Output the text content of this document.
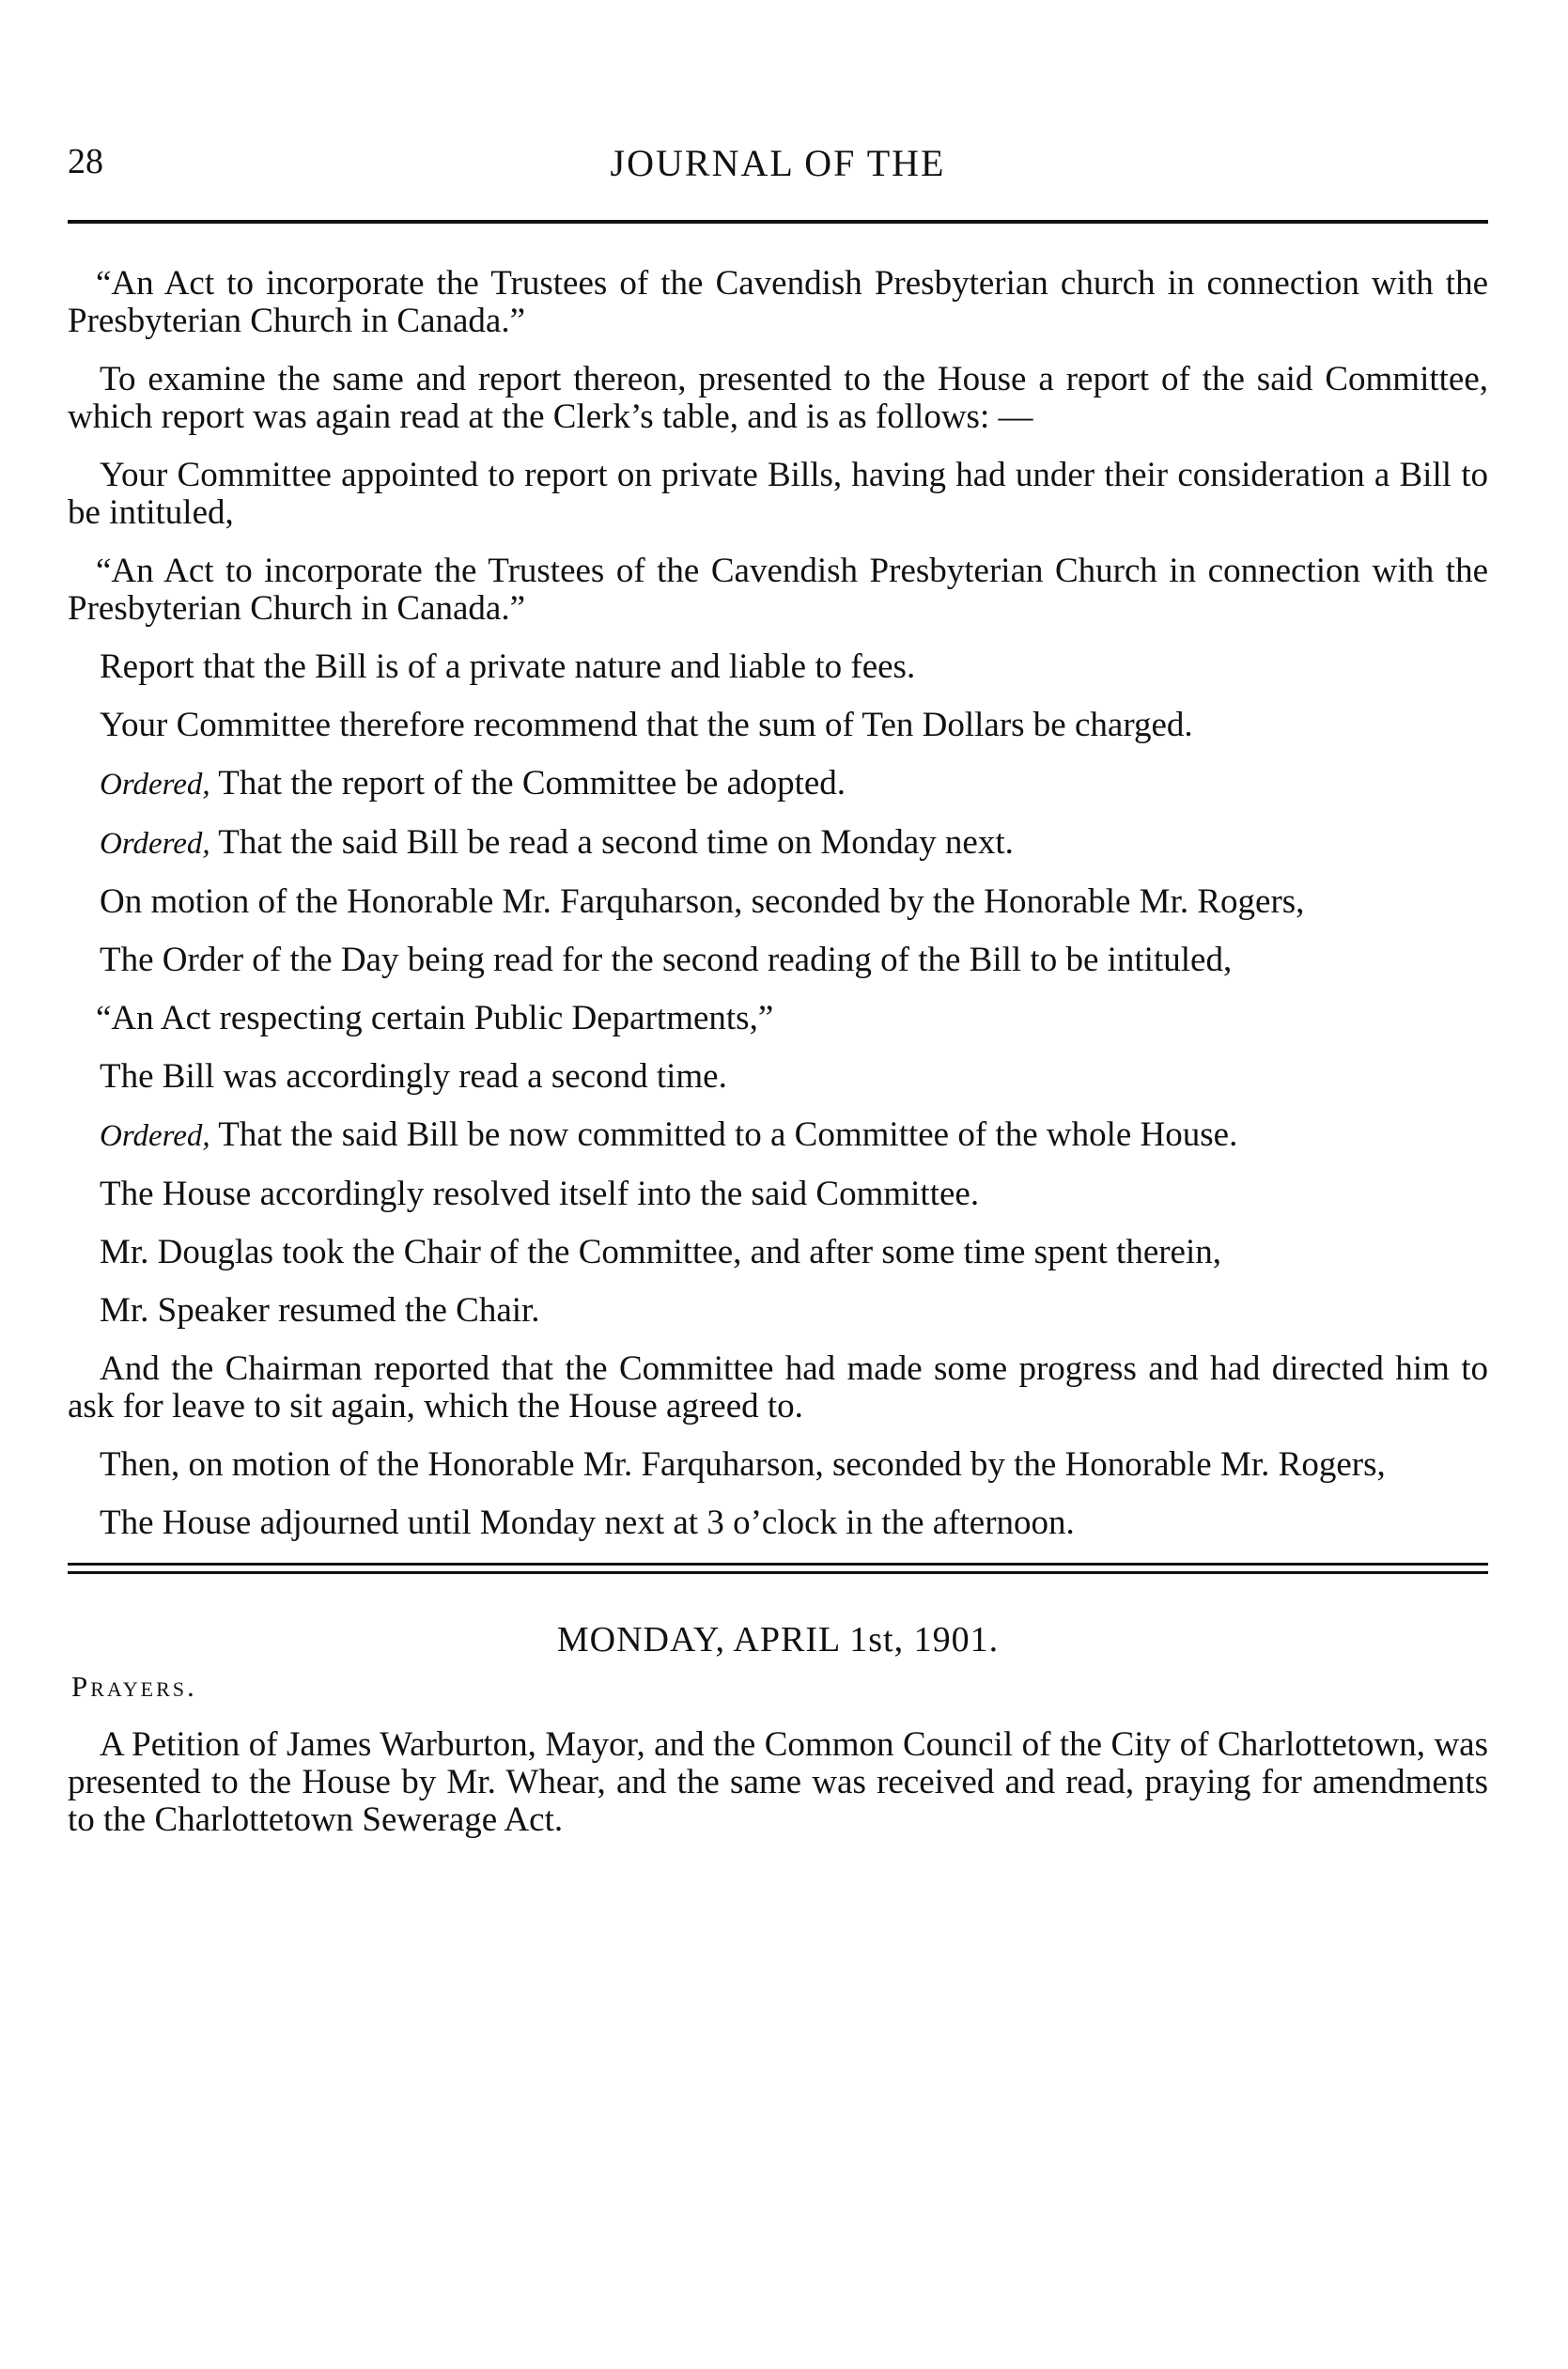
28	JOURNAL OF THE

“An Act to incorporate the Trustees of the Cavendish Presbyterian church in connection with the Presbyterian Church in Canada.”

To examine the same and report thereon, presented to the House a report of the said Committee, which report was again read at the Clerk’s table, and is as follows: —

Your Committee appointed to report on private Bills, having had under their consideration a Bill to be intituled,

“An Act to incorporate the Trustees of the Cavendish Presbyterian Church in connection with the Presbyterian Church in Canada.”

Report that the Bill is of a private nature and liable to fees.

Your Committee therefore recommend that the sum of Ten Dollars be charged.

Ordered, That the report of the Committee be adopted.

Ordered, That the said Bill be read a second time on Monday next.

On motion of the Honorable Mr. Farquharson, seconded by the Honorable Mr. Rogers,

The Order of the Day being read for the second reading of the Bill to be intituled,

“An Act respecting certain Public Departments,”

The Bill was accordingly read a second time.

Ordered, That the said Bill be now committed to a Committee of the whole House.

The House accordingly resolved itself into the said Committee.

Mr. Douglas took the Chair of the Committee, and after some time spent therein,

Mr. Speaker resumed the Chair.

And the Chairman reported that the Committee had made some progress and had directed him to ask for leave to sit again, which the House agreed to.

Then, on motion of the Honorable Mr. Farquharson, seconded by the Honorable Mr. Rogers,

The House adjourned until Monday next at 3 o’clock in the afternoon.

MONDAY, APRIL 1st, 1901.
Prayers.

A Petition of James Warburton, Mayor, and the Common Council of the City of Charlottetown, was presented to the House by Mr. Whear, and the same was received and read, praying for amendments to the Charlottetown Sewerage Act.
